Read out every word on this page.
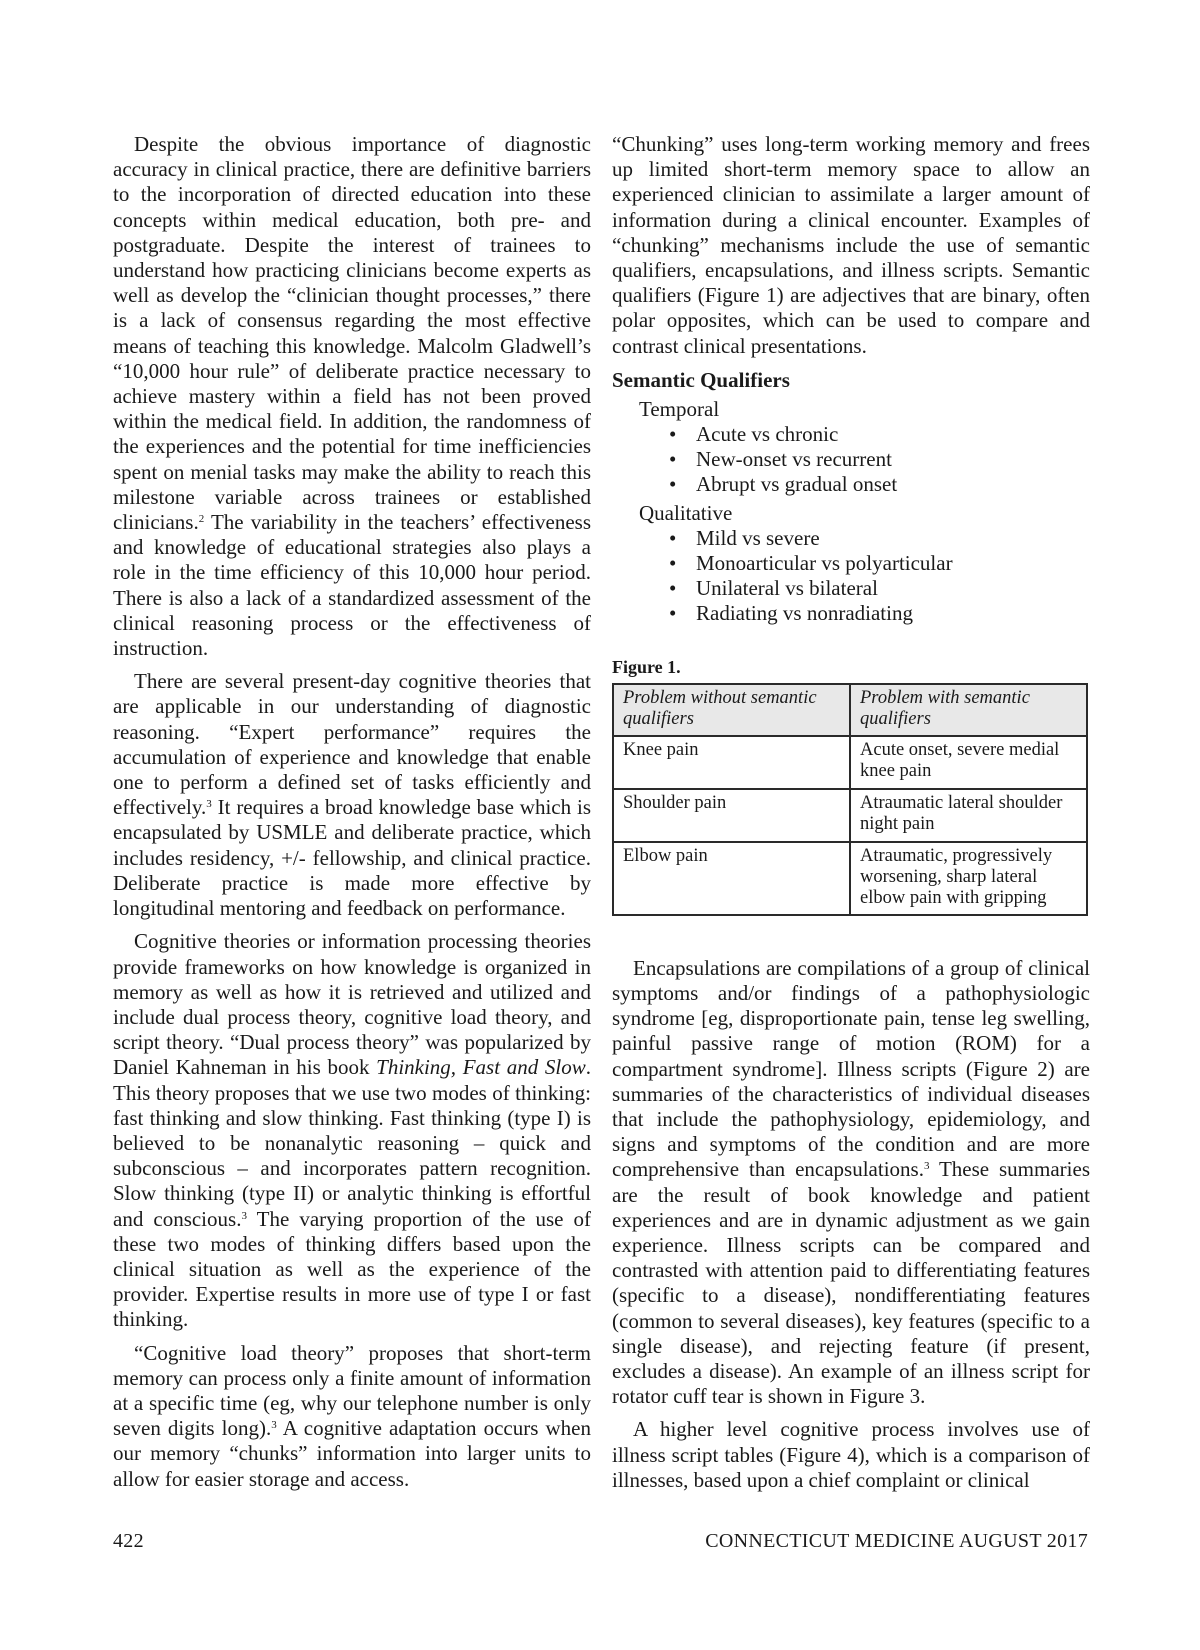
Despite the obvious importance of diagnostic accuracy in clinical practice, there are definitive barriers to the incorporation of directed education into these concepts within medical education, both pre- and postgraduate. Despite the interest of trainees to understand how practicing clinicians become experts as well as develop the “clinician thought processes,” there is a lack of consensus regarding the most effective means of teaching this knowledge. Malcolm Gladwell’s “10,000 hour rule” of deliberate practice necessary to achieve mastery within a field has not been proved within the medical field. In addition, the randomness of the experiences and the potential for time inefficiencies spent on menial tasks may make the ability to reach this milestone variable across trainees or established clinicians.$^2$ The variability in the teachers’ effectiveness and knowledge of educational strategies also plays a role in the time efficiency of this 10,000 hour period. There is also a lack of a standardized assessment of the clinical reasoning process or the effectiveness of instruction.

There are several present-day cognitive theories that are applicable in our understanding of diagnostic reasoning. “Expert performance” requires the accumulation of experience and knowledge that enable one to perform a defined set of tasks efficiently and effectively.$^3$ It requires a broad knowledge base which is encapsulated by USMLE and deliberate practice, which includes residency, +/- fellowship, and clinical practice. Deliberate practice is made more effective by longitudinal mentoring and feedback on performance.

Cognitive theories or information processing theories provide frameworks on how knowledge is organized in memory as well as how it is retrieved and utilized and include dual process theory, cognitive load theory, and script theory. “Dual process theory” was popularized by Daniel Kahneman in his book Thinking, Fast and Slow. This theory proposes that we use two modes of thinking: fast thinking and slow thinking. Fast thinking (type I) is believed to be nonanalytic reasoning – quick and subconscious – and incorporates pattern recognition. Slow thinking (type II) or analytic thinking is effortful and conscious.$^3$ The varying proportion of the use of these two modes of thinking differs based upon the clinical situation as well as the experience of the provider. Expertise results in more use of type I or fast thinking.

“Cognitive load theory” proposes that short-term memory can process only a finite amount of information at a specific time (eg, why our telephone number is only seven digits long).$^3$ A cognitive adaptation occurs when our memory “chunks” information into larger units to allow for easier storage and access.

“Chunking” uses long-term working memory and frees up limited short-term memory space to allow an experienced clinician to assimilate a larger amount of information during a clinical encounter. Examples of “chunking” mechanisms include the use of semantic qualifiers, encapsulations, and illness scripts. Semantic qualifiers (Figure 1) are adjectives that are binary, often polar opposites, which can be used to compare and contrast clinical presentations.

Semantic Qualifiers
Temporal
• Acute vs chronic
• New-onset vs recurrent
• Abrupt vs gradual onset
Qualitative
• Mild vs severe
• Monoarticular vs polyarticular
• Unilateral vs bilateral
• Radiating vs nonradiating
Figure 1.
Problem without semantic qualifiers	Problem with semantic qualifiers
Knee pain	Acute onset, severe medial knee pain
Shoulder pain	Atraumatic lateral shoulder night pain
Elbow pain	Atraumatic, progressively worsening, sharp lateral elbow pain with gripping

Encapsulations are compilations of a group of clinical symptoms and/or findings of a pathophysiologic syndrome [eg, disproportionate pain, tense leg swelling, painful passive range of motion (ROM) for a compartment syndrome]. Illness scripts (Figure 2) are summaries of the characteristics of individual diseases that include the pathophysiology, epidemiology, and signs and symptoms of the condition and are more comprehensive than encapsulations.$^3$ These summaries are the result of book knowledge and patient experiences and are in dynamic adjustment as we gain experience. Illness scripts can be compared and contrasted with attention paid to differentiating features (specific to a disease), nondifferentiating features (common to several diseases), key features (specific to a single disease), and rejecting feature (if present, excludes a disease). An example of an illness script for rotator cuff tear is shown in Figure 3.

A higher level cognitive process involves use of illness script tables (Figure 4), which is a comparison of illnesses, based upon a chief complaint or clinical

422	CONNECTICUT MEDICINE AUGUST 2017
